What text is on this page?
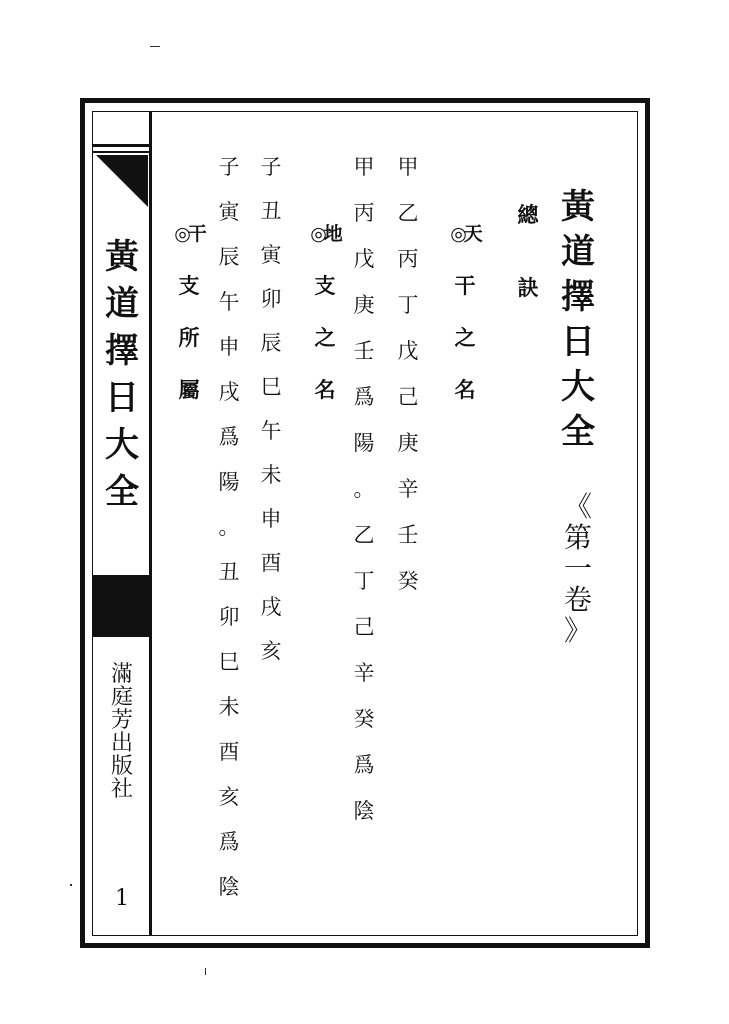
黃
道
擇
日
大
全
滿
庭
芳
出
版
社
1
黃
道
擇
日
大
全
《
第
一
卷
》
總
訣
◎天
干
之
名
甲
乙
丙
丁
戊
己
庚
辛
壬
癸
甲
丙
戊
庚
壬
爲
陽
。
乙
丁
己
辛
癸
爲
陰
◎地
支
之
名
子
丑
寅
卯
辰
巳
午
未
申
酉
戌
亥
子
寅
辰
午
申
戌
爲
陽
。
丑
卯
巳
未
酉
亥
爲
陰
◎干
支
所
屬
